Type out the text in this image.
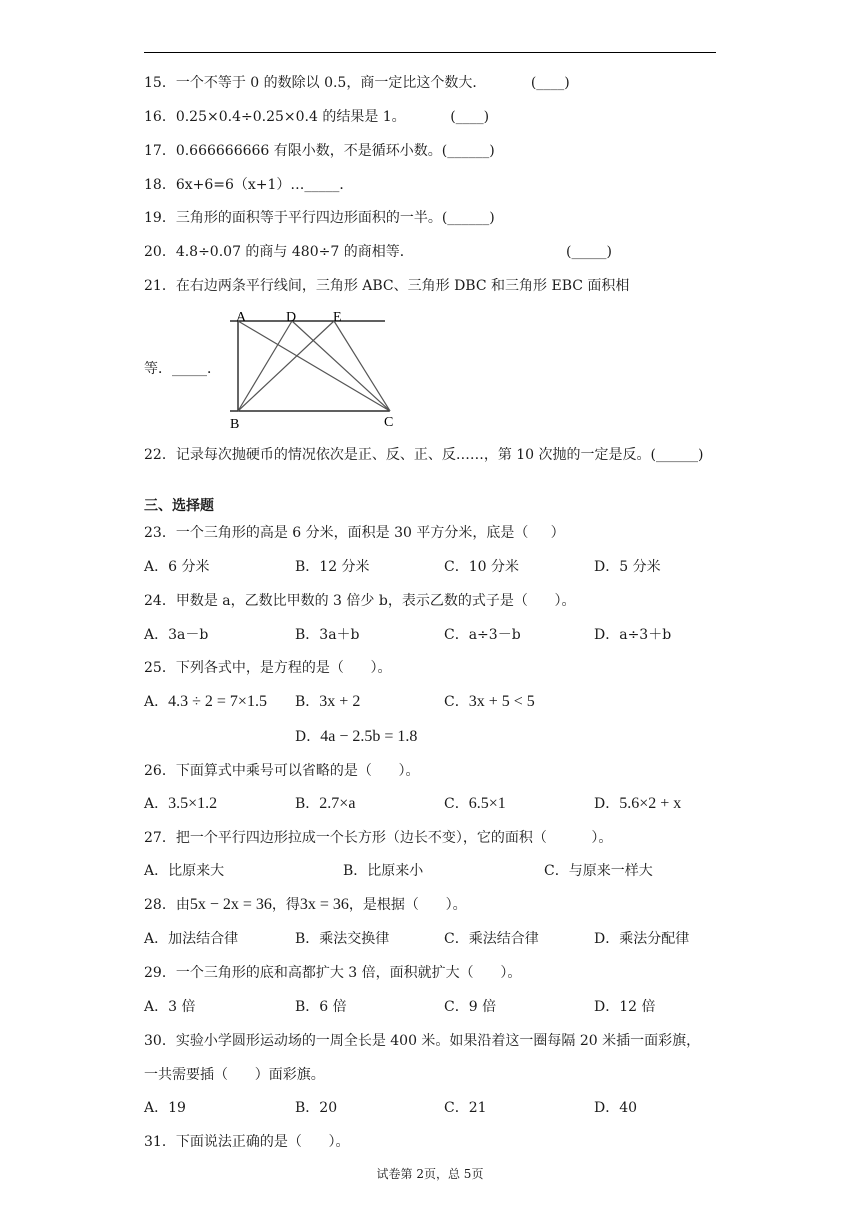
15．一个不等于 0 的数除以 0.5，商一定比这个数大．          (____)
16．0.25×0.4÷0.25×0.4 的结果是 1。          (____)
17．0.666666666 有限小数，不是循环小数。(______)
18．6x+6=6（x+1）…_____．
19．三角形的面积等于平行四边形面积的一半。(______)
20．4.8÷0.07 的商与 480÷7 的商相等．	(_____)
21．在右边两条平行线间，三角形 ABC、三角形 DBC 和三角形 EBC 面积相
A	D	E
B	C
等．_____．
22．记录每次抛硬币的情况依次是正、反、正、反……，第 10 次抛的一定是反。(______)
三、选择题
23．一个三角形的高是 6 分米，面积是 30 平方分米，底是（     ）
A．6 分米	B．12 分米	C．10 分米	D．5 分米
24．甲数是 a，乙数比甲数的 3 倍少 b，表示乙数的式子是（      ）。
A．3a－b	B．3a＋b	C．a÷3－b	D．a÷3＋b
25．下列各式中，是方程的是（      ）。
A．4.3 ÷ 2 = 7×1.5 B．3x + 2	C．3x + 5 < 5
D．4a − 2.5b = 1.8
26．下面算式中乘号可以省略的是（      ）。
A．3.5×1.2	B．2.7×a	C．6.5×1	D．5.6×2 + x
27．把一个平行四边形拉成一个长方形（边长不变），它的面积（          ）。
A．比原来大	B．比原来小	C．与原来一样大
28．由5x − 2x = 36，得3x = 36，是根据（      ）。
A．加法结合律	B．乘法交换律	C．乘法结合律	D．乘法分配律
29．一个三角形的底和高都扩大 3 倍，面积就扩大（      ）。
A．3 倍	B．6 倍	C．9 倍	D．12 倍
30．实验小学圆形运动场的一周全长是 400 米。如果沿着这一圈每隔 20 米插一面彩旗，
一共需要插（      ）面彩旗。
A．19	B．20	C．21	D．40
31．下面说法正确的是（      ）。
试卷第 2页，总 5页
